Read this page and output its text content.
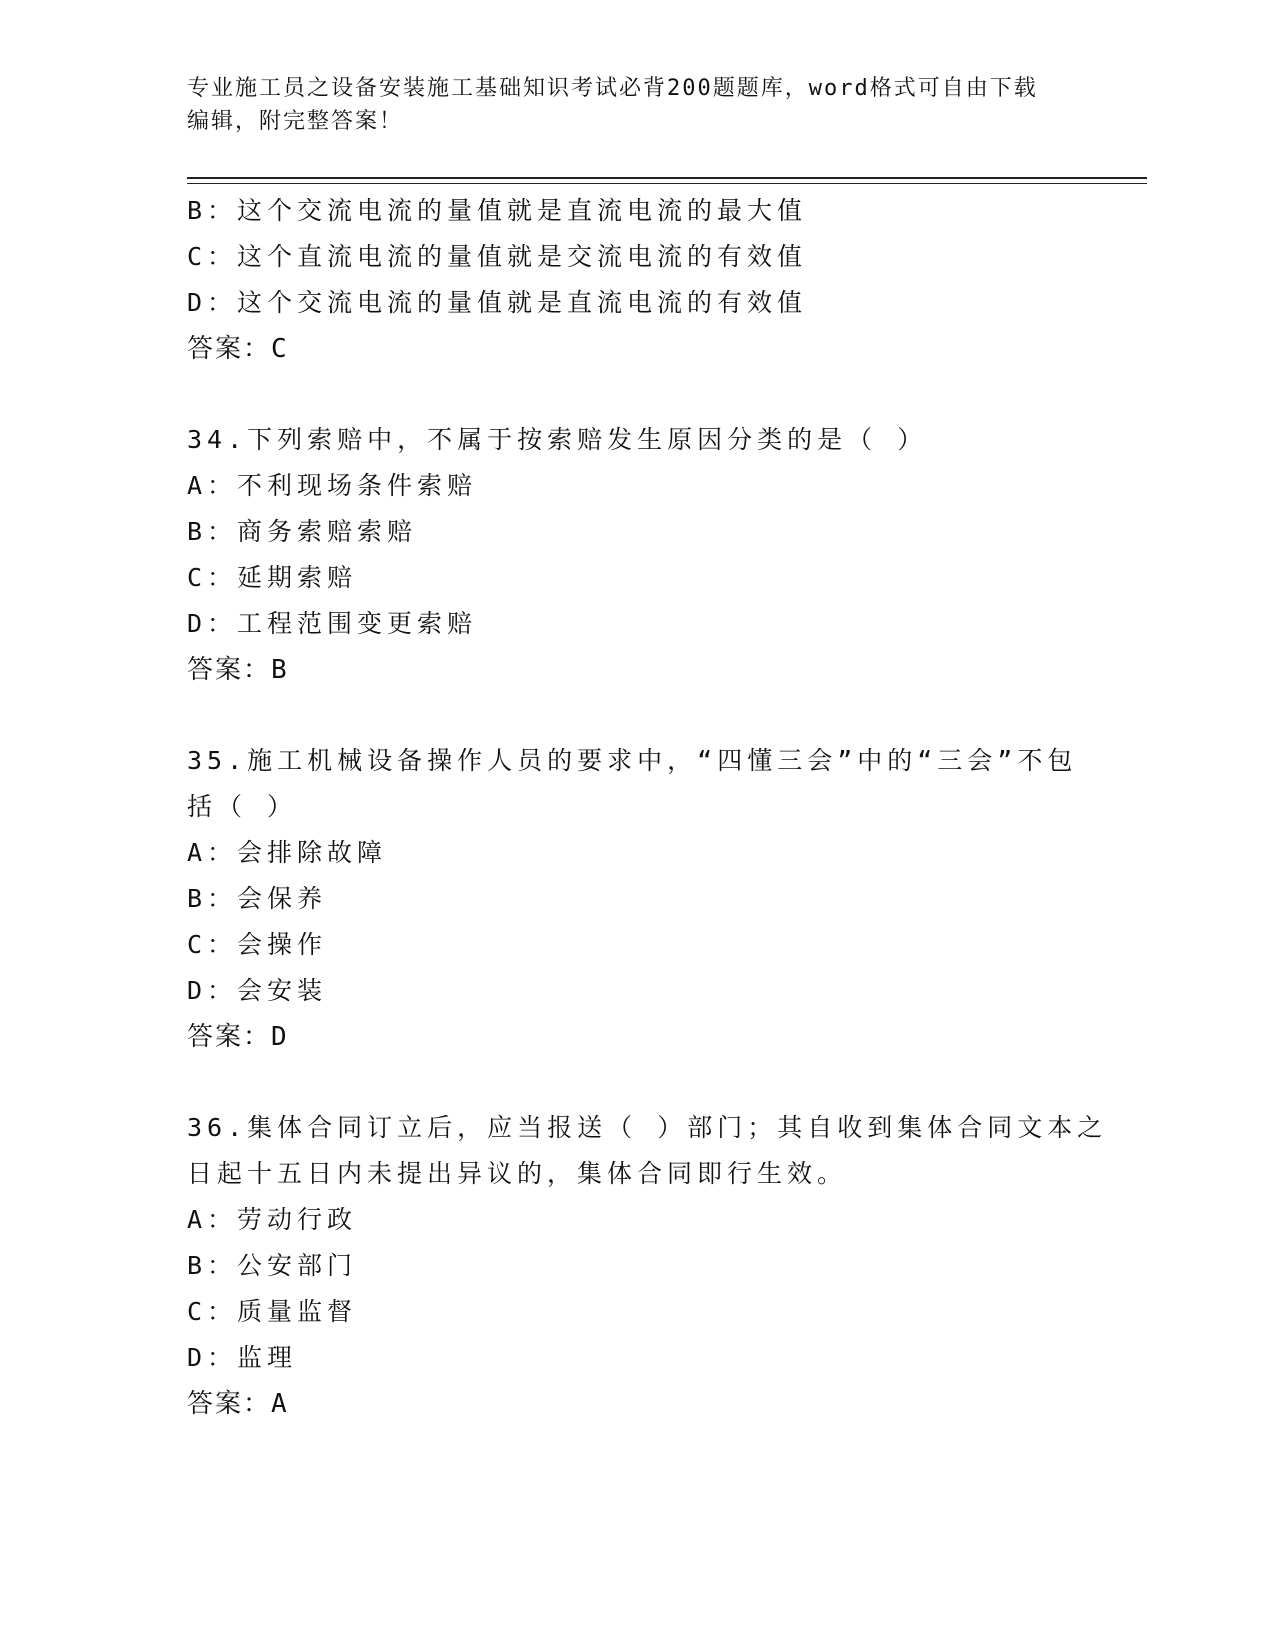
专业施工员之设备安装施工基础知识考试必背200题题库，word格式可自由下载
编辑，附完整答案！
B：这个交流电流的量值就是直流电流的最大值
C：这个直流电流的量值就是交流电流的有效值
D：这个交流电流的量值就是直流电流的有效值
答案：C
34.下列索赔中，不属于按索赔发生原因分类的是（ ）
A：不利现场条件索赔
B：商务索赔索赔
C：延期索赔
D：工程范围变更索赔
答案：B
35.施工机械设备操作人员的要求中，“四懂三会”中的“三会”不包
括（ ）
A：会排除故障
B：会保养
C：会操作
D：会安装
答案：D
36.集体合同订立后，应当报送（ ）部门；其自收到集体合同文本之
日起十五日内未提出异议的，集体合同即行生效。
A：劳动行政
B：公安部门
C：质量监督
D：监理
答案：A
